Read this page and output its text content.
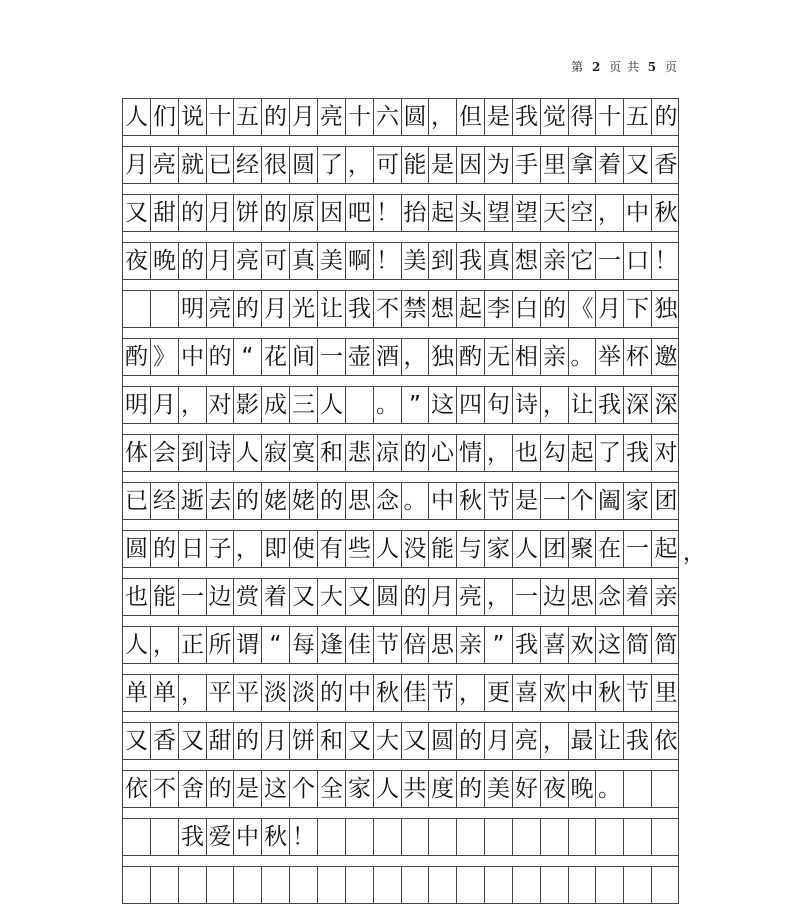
第 2 页 共 5 页
人 们 说 十 五 的 月 亮 十 六 圆 ， 但 是 我 觉 得 十 五 的
月 亮 就 已 经 很 圆 了 ， 可 能 是 因 为 手 里 拿 着 又 香
又 甜 的 月 饼 的 原 因 吧 ！ 抬 起 头 望 望 天 空 ， 中 秋
夜 晚 的 月 亮 可 真 美 啊 ！ 美 到 我 真 想 亲 它 一 口 ！
明 亮 的 月 光 让 我 不 禁 想 起 李 白 的 《 月 下 独
酌 》 中 的 “ 花 间 一 壶 酒 ， 独 酌 无 相 亲 。 举 杯 邀
明 月 ， 对 影 成 三 人 。 ” 这 四 句 诗 ， 让 我 深 深
体 会 到 诗 人 寂 寞 和 悲 凉 的 心 情 ， 也 勾 起 了 我 对
已 经 逝 去 的 姥 姥 的 思 念 。 中 秋 节 是 一 个 阖 家 团
圆 的 日 子 ， 即 使 有 些 人 没 能 与 家 人 团 聚 在 一 起
也 能 一 边 赏 着 又 大 又 圆 的 月 亮 ， 一 边 思 念 着 亲
人 ， 正 所 谓 “ 每 逢 佳 节 倍 思 亲 ” 我 喜 欢 这 简 简
单 单 ， 平 平 淡 淡 的 中 秋 佳 节 ， 更 喜 欢 中 秋 节 里
又 香 又 甜 的 月 饼 和 又 大 又 圆 的 月 亮 ， 最 让 我 依
依 不 舍 的 是 这 个 全 家 人 共 度 的 美 好 夜 晚 。
我 爱 中 秋 ！
，
